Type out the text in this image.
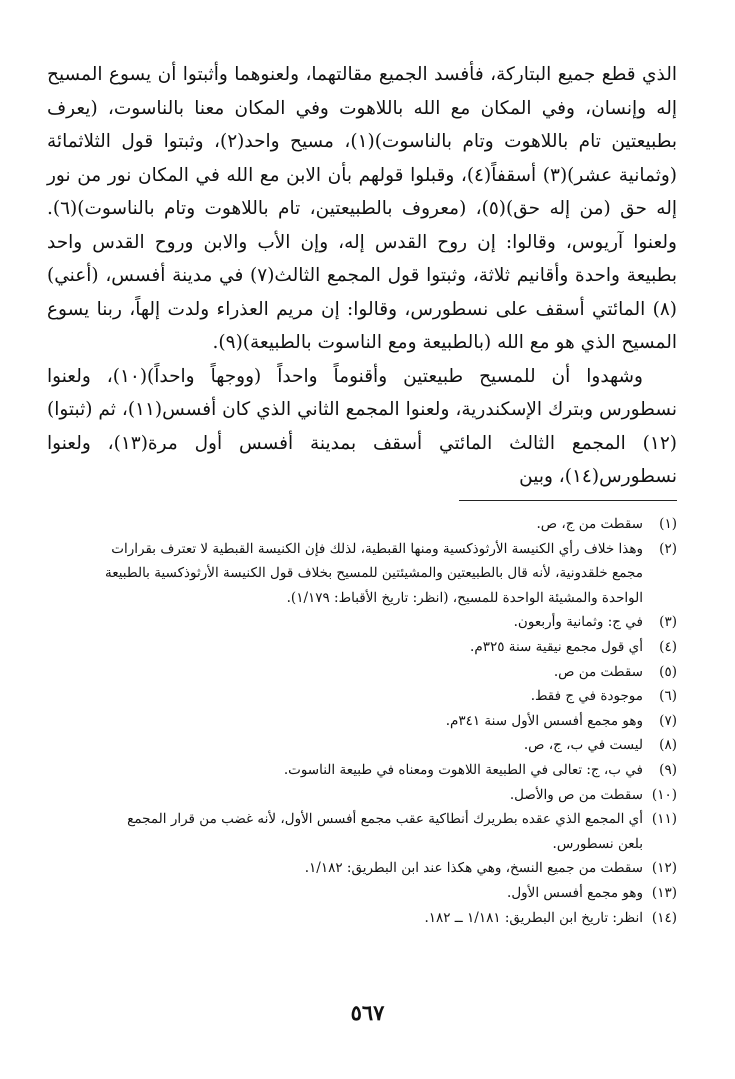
الذي قطع جميع البتاركة، فأفسد الجميع مقالتهما، ولعنوهما وأثبتوا أن يسوع المسيح إله وإنسان، وفي المكان مع الله باللاهوت وفي المكان معنا بالناسوت، (يعرف بطبيعتين تام باللاهوت وتام بالناسوت)(١)، مسيح واحد(٢)، وثبتوا قول الثلاثمائة (وثمانية عشر)(٣) أسقفاً(٤)، وقبلوا قولهم بأن الابن مع الله في المكان نور من نور إله حق (من إله حق)(٥)، (معروف بالطبيعتين، تام باللاهوت وتام بالناسوت)(٦). ولعنوا آريوس، وقالوا: إن روح القدس إله، وإن الأب والابن وروح القدس واحد بطبيعة واحدة وأقانيم ثلاثة، وثبتوا قول المجمع الثالث(٧) في مدينة أفسس، (أعني)(٨) المائتي أسقف على نسطورس، وقالوا: إن مريم العذراء ولدت إلهاً، ربنا يسوع المسيح الذي هو مع الله (بالطبيعة ومع الناسوت بالطبيعة)(٩).

وشهدوا أن للمسيح طبيعتين وأقنوماً واحداً (ووجهاً واحداً)(١٠)، ولعنوا نسطورس وبترك الإسكندرية، ولعنوا المجمع الثاني الذي كان أفسس(١١)، ثم (ثبتوا)(١٢) المجمع الثالث المائتي أسقف بمدينة أفسس أول مرة(١٣)، ولعنوا نسطورس(١٤)، وبين

(١)
سقطت من ج، ص.
(٢)
وهذا خلاف رأي الكنيسة الأرثوذكسية ومنها القبطية، لذلك فإن الكنيسة القبطية لا تعترف بقرارات
مجمع خلقدونية، لأنه قال بالطبيعتين والمشيئتين للمسيح بخلاف قول الكنيسة الأرثوذكسية بالطبيعة
الواحدة والمشيئة الواحدة للمسيح، (انظر: تاريخ الأقباط: ١/١٧٩).
(٣)
في ج: وثمانية وأربعون.
(٤)
أي قول مجمع نيقية سنة ٣٢٥م.
(٥)
سقطت من ص.
(٦)
موجودة في ج فقط.
(٧)
وهو مجمع أفسس الأول سنة ٣٤١م.
(٨)
ليست في ب، ج، ص.
(٩)
في ب، ج: تعالى في الطبيعة اللاهوت ومعناه في طبيعة الناسوت.
(١٠)
سقطت من ص والأصل.
(١١)
أي المجمع الذي عقده بطريرك أنطاكية عقب مجمع أفسس الأول، لأنه غضب من قرار المجمع
بلعن نسطورس.
(١٢)
سقطت من جميع النسخ، وهي هكذا عند ابن البطريق: ١/١٨٢.
(١٣)
وهو مجمع أفسس الأول.
(١٤)
انظر: تاريخ ابن البطريق: ١/١٨١ ــ ١٨٢.
٥٦٧
